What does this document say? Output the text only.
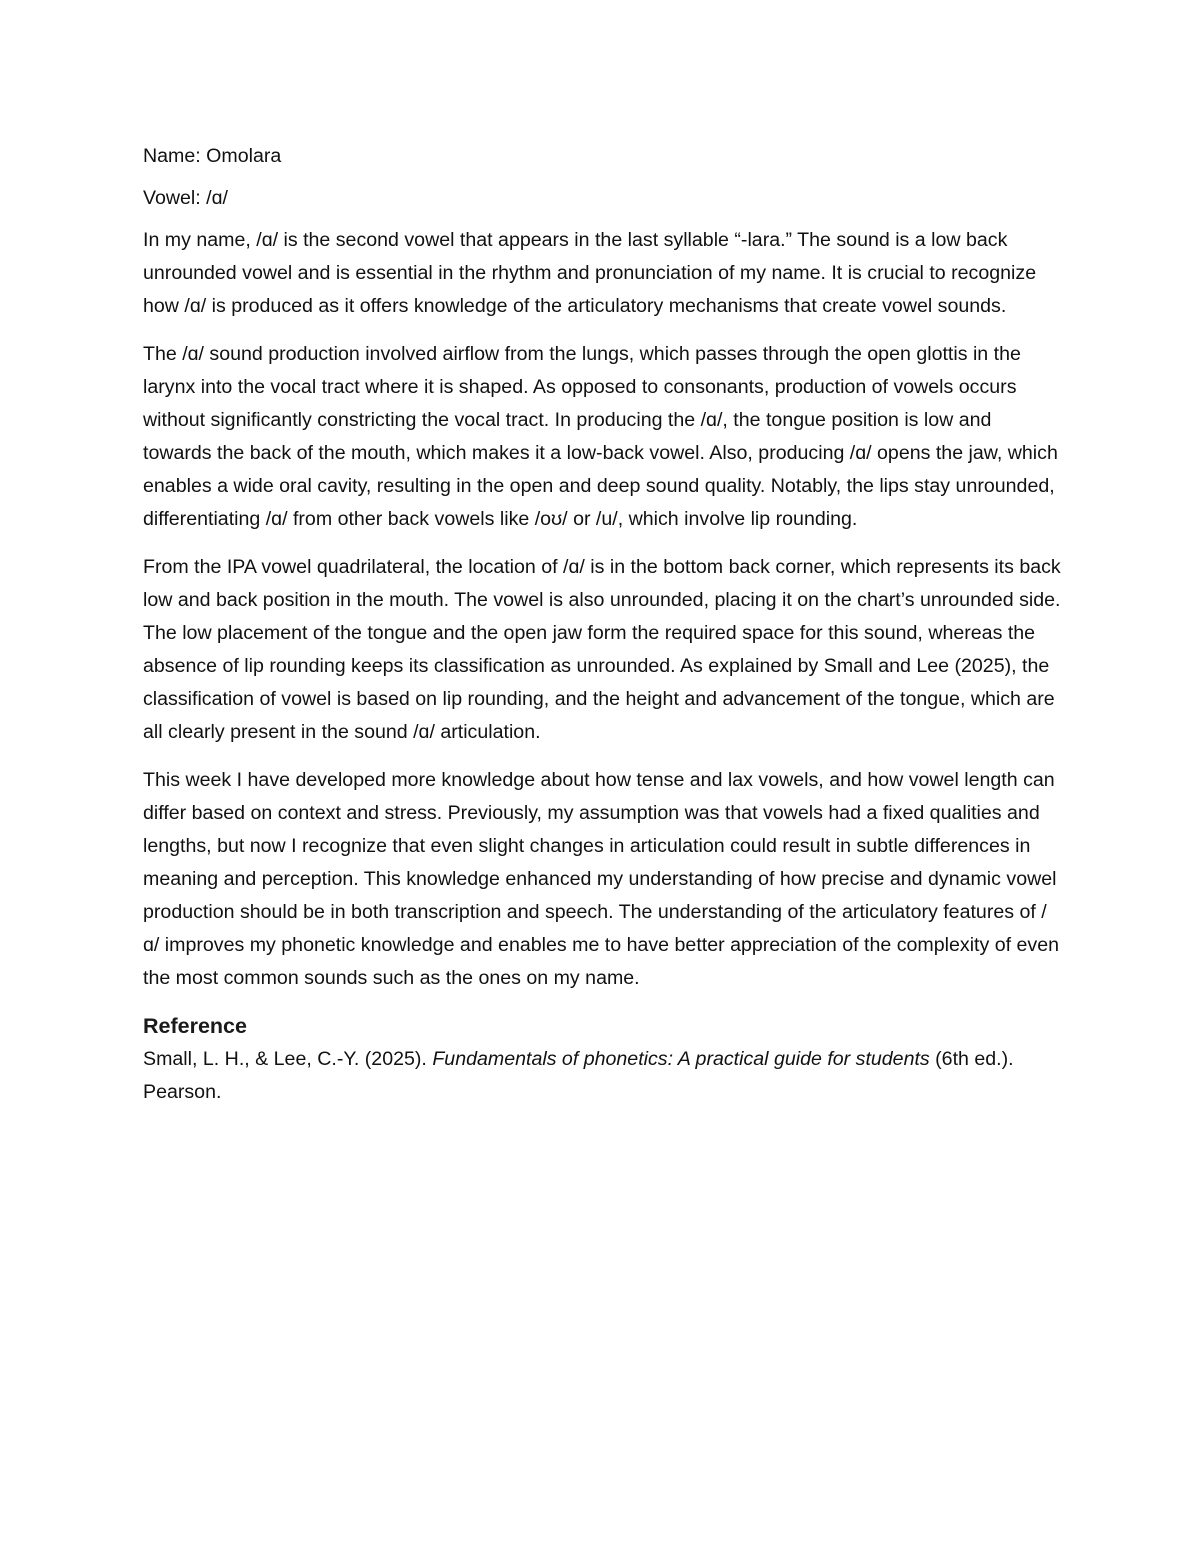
Name: Omolara

Vowel: /ɑ/

In my name, /ɑ/ is the second vowel that appears in the last syllable “-lara.” The sound is a low back unrounded vowel and is essential in the rhythm and pronunciation of my name. It is crucial to recognize how /ɑ/ is produced as it offers knowledge of the articulatory mechanisms that create vowel sounds.

The /ɑ/ sound production involved airflow from the lungs, which passes through the open glottis in the larynx into the vocal tract where it is shaped. As opposed to consonants, production of vowels occurs without significantly constricting the vocal tract. In producing the /ɑ/, the tongue position is low and towards the back of the mouth, which makes it a low-back vowel. Also, producing /ɑ/ opens the jaw, which enables a wide oral cavity, resulting in the open and deep sound quality. Notably, the lips stay unrounded, differentiating /ɑ/ from other back vowels like /oʊ/ or /u/, which involve lip rounding.

From the IPA vowel quadrilateral, the location of /ɑ/ is in the bottom back corner, which represents its back low and back position in the mouth. The vowel is also unrounded, placing it on the chart’s unrounded side. The low placement of the tongue and the open jaw form the required space for this sound, whereas the absence of lip rounding keeps its classification as unrounded. As explained by Small and Lee (2025), the classification of vowel is based on lip rounding, and the height and advancement of the tongue, which are all clearly present in the sound /ɑ/ articulation.

This week I have developed more knowledge about how tense and lax vowels, and how vowel length can differ based on context and stress. Previously, my assumption was that vowels had a fixed qualities and lengths, but now I recognize that even slight changes in articulation could result in subtle differences in meaning and perception. This knowledge enhanced my understanding of how precise and dynamic vowel production should be in both transcription and speech. The understanding of the articulatory features of /ɑ/ improves my phonetic knowledge and enables me to have better appreciation of the complexity of even the most common sounds such as the ones on my name.

Reference

Small, L. H., & Lee, C.-Y. (2025). Fundamentals of phonetics: A practical guide for students (6th ed.). Pearson.
